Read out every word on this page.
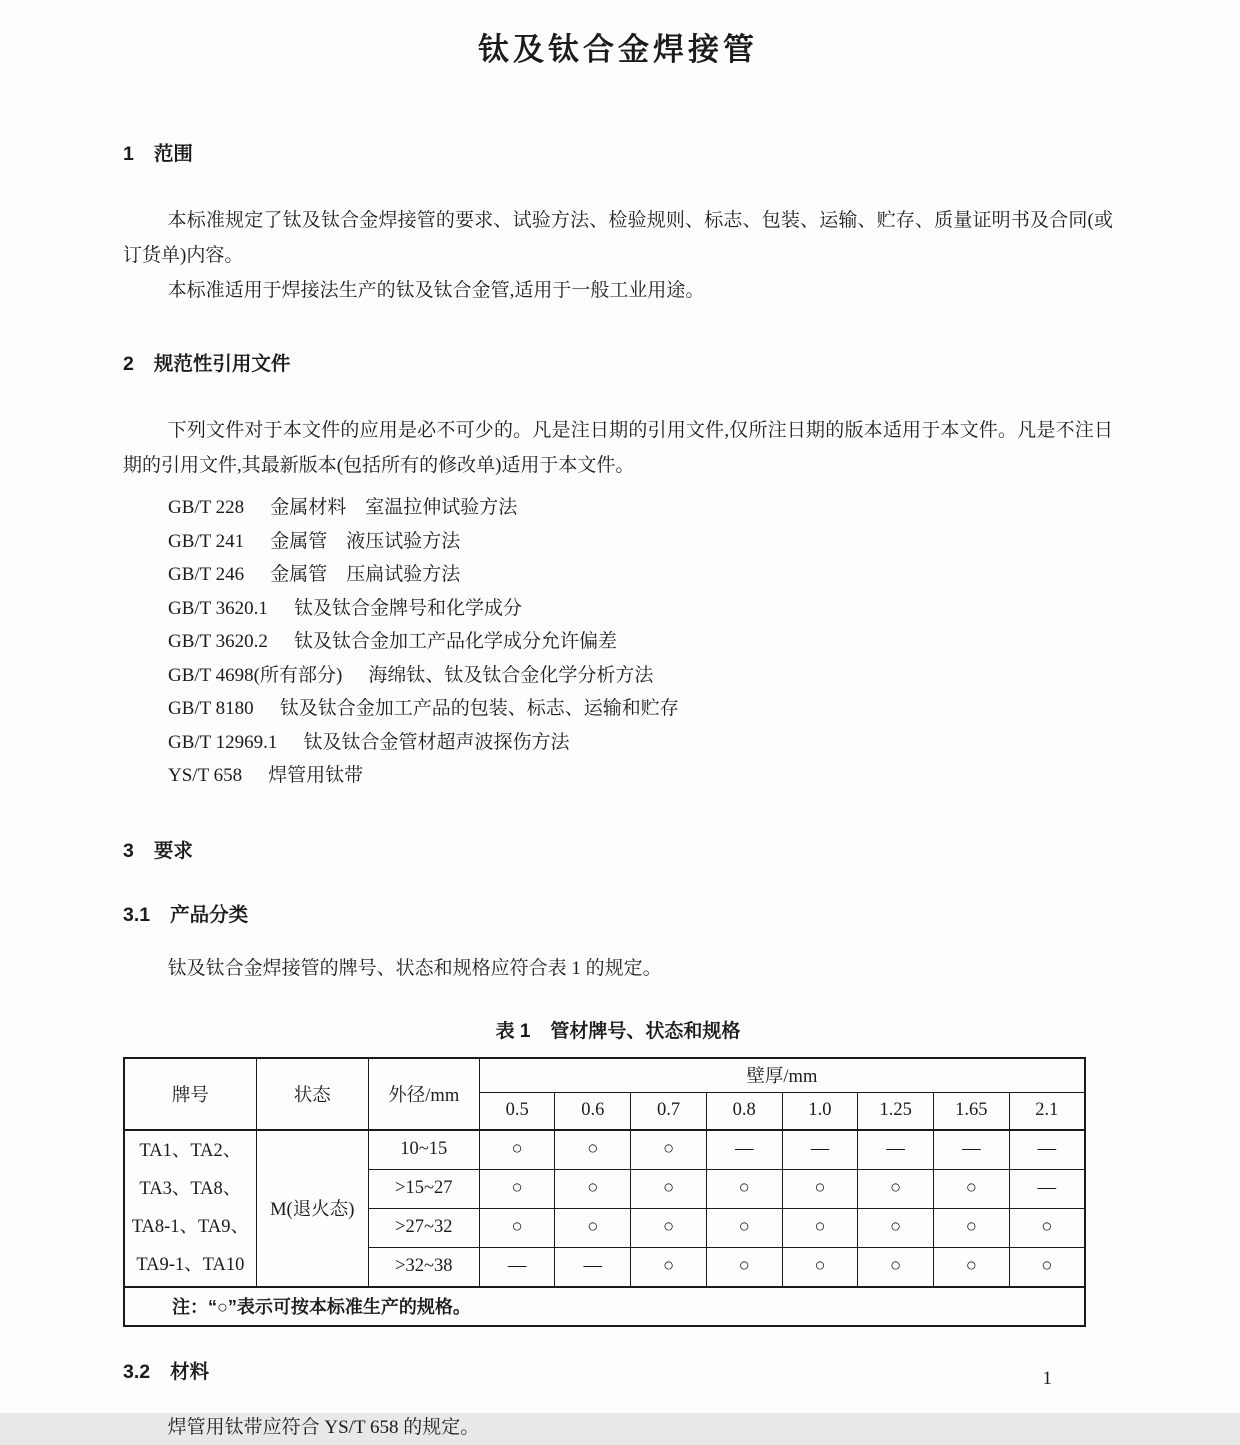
钛及钛合金焊接管
1 范围

本标准规定了钛及钛合金焊接管的要求、试验方法、检验规则、标志、包装、运输、贮存、质量证明书及合同(或订货单)内容。

本标准适用于焊接法生产的钛及钛合金管,适用于一般工业用途。

2 规范性引用文件

下列文件对于本文件的应用是必不可少的。凡是注日期的引用文件,仅所注日期的版本适用于本文件。凡是不注日期的引用文件,其最新版本(包括所有的修改单)适用于本文件。

GB/T 228 金属材料　室温拉伸试验方法
GB/T 241 金属管　液压试验方法
GB/T 246 金属管　压扁试验方法
GB/T 3620.1 钛及钛合金牌号和化学成分
GB/T 3620.2 钛及钛合金加工产品化学成分允许偏差
GB/T 4698(所有部分) 海绵钛、钛及钛合金化学分析方法
GB/T 8180 钛及钛合金加工产品的包装、标志、运输和贮存
GB/T 12969.1 钛及钛合金管材超声波探伤方法
YS/T 658 焊管用钛带
3 要求
3.1 产品分类

钛及钛合金焊接管的牌号、状态和规格应符合表 1 的规定。

表 1 管材牌号、状态和规格
牌号	状态	外径/mm	壁厚/mm							
			0.5	0.6	0.7	0.8	1.0	1.25	1.65	2.1

TA1、TA2、
TA3、TA8、
TA8-1、TA9、
TA9-1、TA10	M(退火态)	10~15	○	○	○	—	—	—	—	—
		>15~27	○	○	○	○	○	○	○	—
		>27~32	○	○	○	○	○	○	○	○
		>32~38	—	—	○	○	○	○	○	○
注：“○”表示可按本标准生产的规格。										
3.2 材料

焊管用钛带应符合 YS/T 658 的规定。

1
